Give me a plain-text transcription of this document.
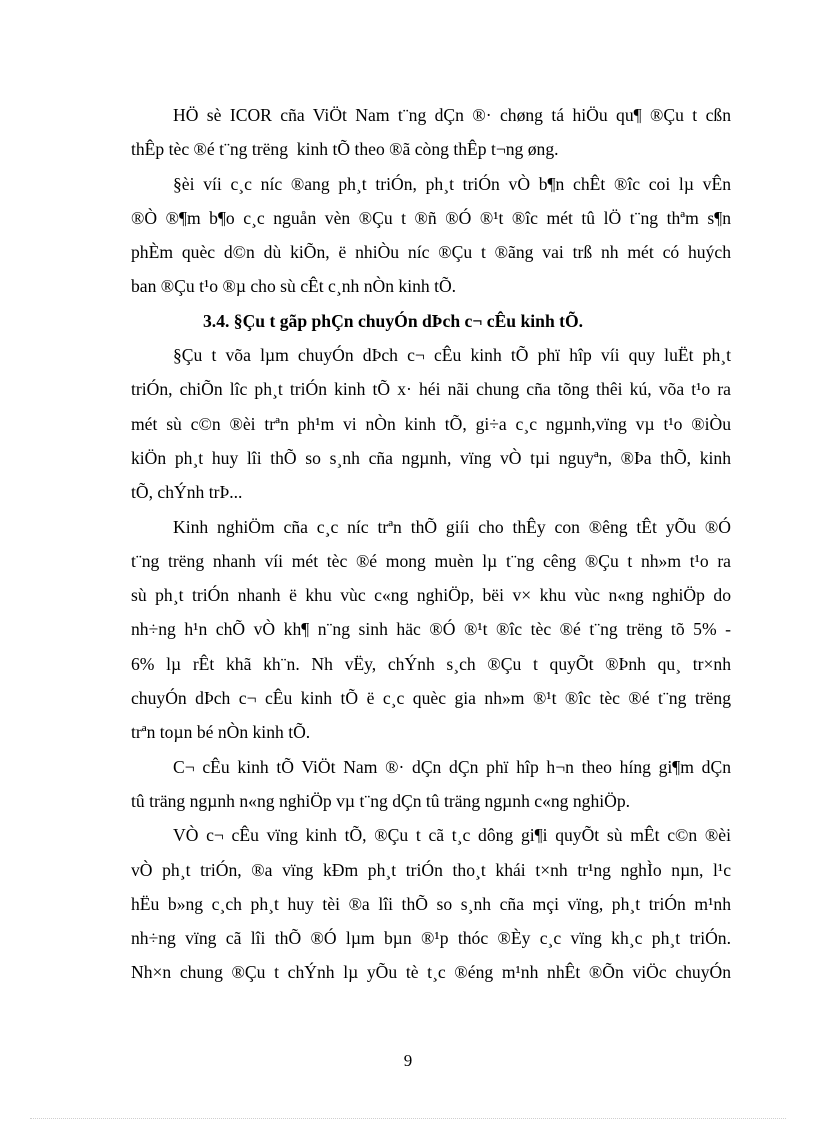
HÖ sè ICOR cña ViÖt Nam t¨ng dÇn ®· chøng tá hiÖu qu¶ ®Çu t cßn
thÊp tèc ®é t¨ng trëng  kinh tÕ theo ®ã còng thÊp t¬ng øng.
§èi víi c¸c níc ®ang ph¸t triÓn, ph¸t triÓn vÒ b¶n chÊt ®îc coi lµ vÊn
®Ò ®¶m b¶o c¸c nguån vèn ®Çu t ®ñ ®Ó ®¹t ®îc mét tû lÖ t¨ng thªm s¶n
phÈm quèc d©n dù kiÕn, ë nhiÒu níc ®Çu t ®ãng vai trß nh mét có huých
ban ®Çu t¹o ®µ cho sù cÊt c¸nh nÒn kinh tÕ.
3.4. §Çu t gãp phÇn chuyÓn dÞch c¬ cÊu kinh tÕ.
§Çu t võa lµm chuyÓn dÞch c¬ cÊu kinh tÕ phï hîp víi quy luËt ph¸t
triÓn, chiÕn lîc ph¸t triÓn kinh tÕ x· héi nãi chung cña tõng thêi kú, võa t¹o ra
mét sù c©n ®èi trªn ph¹m vi nÒn kinh tÕ, gi÷a c¸c ngµnh,vïng vµ t¹o ®iÒu
kiÖn ph¸t huy lîi thÕ so s¸nh cña ngµnh, vïng vÒ tµi nguyªn, ®Þa thÕ, kinh
tÕ, chÝnh trÞ...
Kinh nghiÖm cña c¸c níc trªn thÕ giíi cho thÊy con ®êng tÊt yÕu ®Ó
t¨ng trëng nhanh víi mét tèc ®é mong muèn lµ t¨ng cêng ®Çu t nh»m t¹o ra
sù ph¸t triÓn nhanh ë khu vùc c«ng nghiÖp, bëi v× khu vùc n«ng nghiÖp do
nh÷ng h¹n chÕ vÒ kh¶ n¨ng sinh häc ®Ó ®¹t ®îc tèc ®é t¨ng trëng tõ 5% -
6% lµ rÊt khã kh¨n. Nh vËy, chÝnh s¸ch ®Çu t quyÕt ®Þnh qu¸ tr×nh
chuyÓn dÞch c¬ cÊu kinh tÕ ë c¸c quèc gia nh»m ®¹t ®îc tèc ®é t¨ng trëng
trªn toµn bé nÒn kinh tÕ.
C¬ cÊu kinh tÕ ViÖt Nam ®· dÇn dÇn phï hîp h¬n theo híng gi¶m dÇn
tû träng ngµnh n«ng nghiÖp vµ t¨ng dÇn tû träng ngµnh c«ng nghiÖp.
VÒ c¬ cÊu vïng kinh tÕ, ®Çu t cã t¸c dông gi¶i quyÕt sù mÊt c©n ®èi
vÒ ph¸t triÓn, ®a vïng kÐm ph¸t triÓn tho¸t khái t×nh tr¹ng nghÌo nµn, l¹c
hËu b»ng c¸ch ph¸t huy tèi ®a lîi thÕ so s¸nh cña mçi vïng, ph¸t triÓn m¹nh
nh÷ng vïng cã lîi thÕ ®Ó lµm bµn ®¹p thóc ®Èy c¸c vïng kh¸c ph¸t triÓn.
Nh×n chung ®Çu t chÝnh lµ yÕu tè t¸c ®éng m¹nh nhÊt ®Õn viÖc chuyÓn
9
